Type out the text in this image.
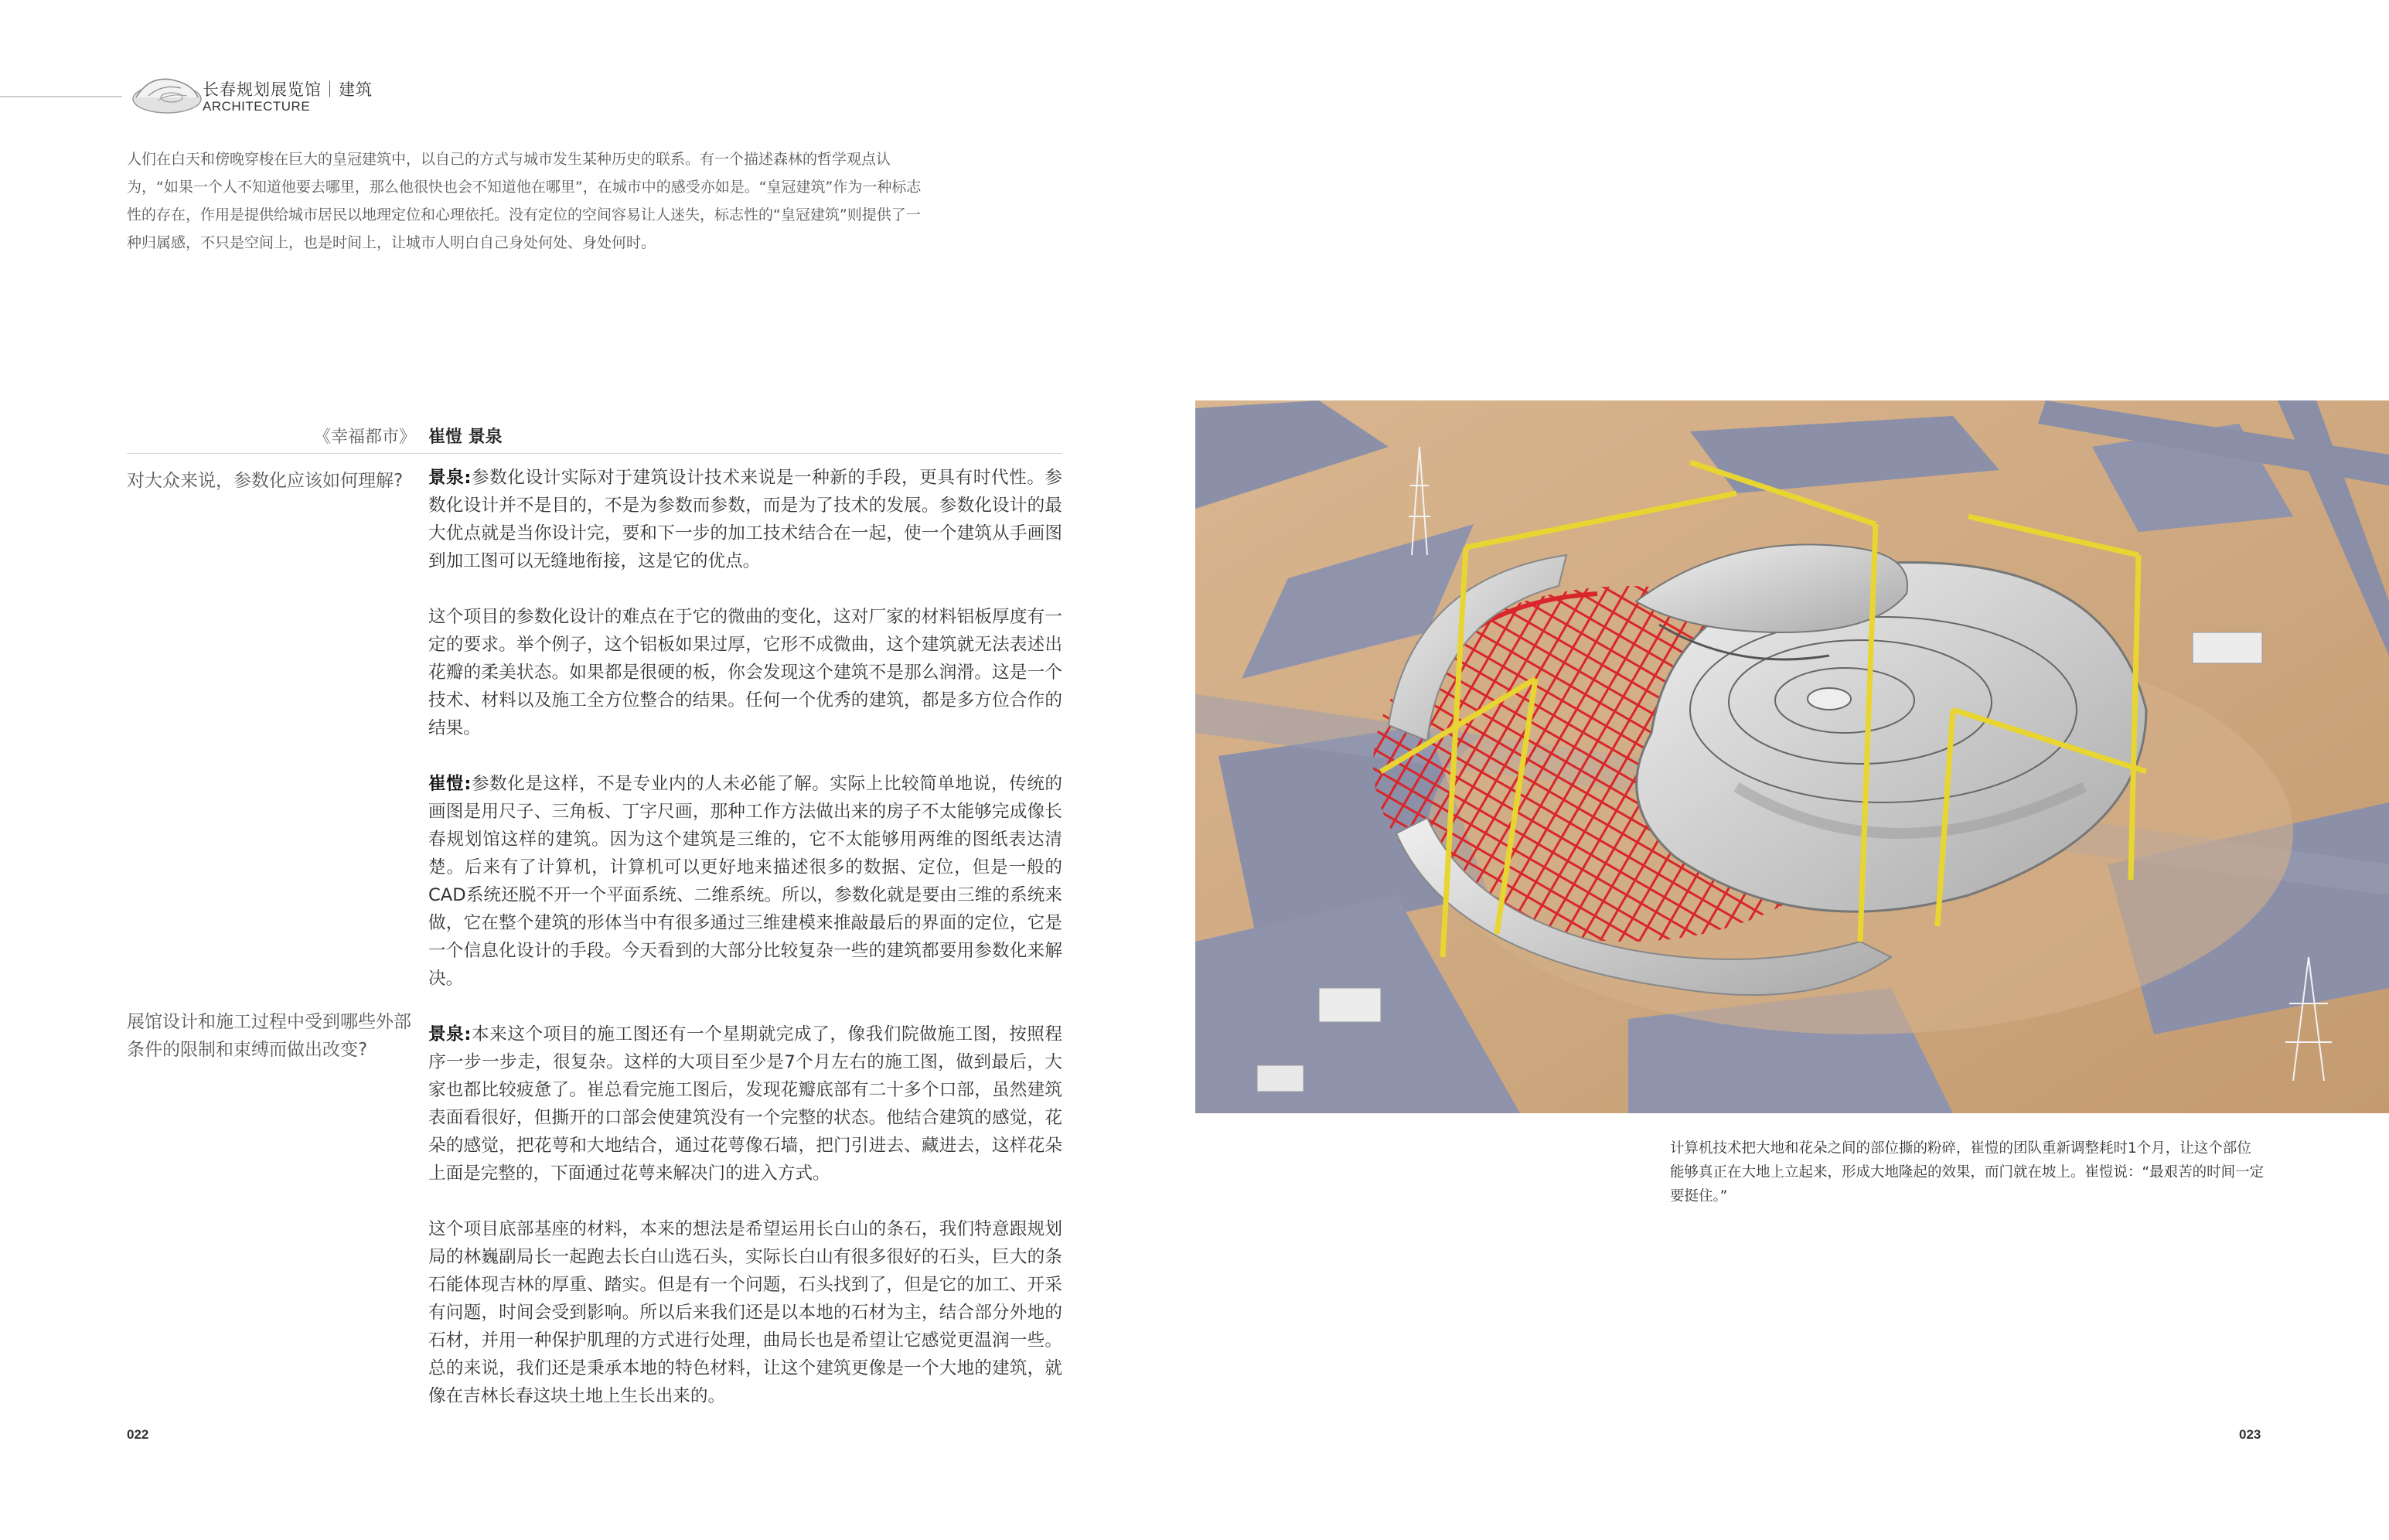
长春规划展览馆｜建筑
ARCHITECTURE

人们在白天和傍晚穿梭在巨大的皇冠建筑中，以自己的方式与城市发生某种历史的联系。有一个描述森林的哲学观点认为，“如果一个人不知道他要去哪里，那么他很快也会不知道他在哪里”，在城市中的感受亦如是。“皇冠建筑”作为一种标志性的存在，作用是提供给城市居民以地理定位和心理依托。没有定位的空间容易让人迷失，标志性的“皇冠建筑”则提供了一种归属感，不只是空间上，也是时间上，让城市人明白自己身处何处、身处何时。

《幸福都市》 崔愷 景泉

对大众来说，参数化应该如何理解?

展馆设计和施工过程中受到哪些外部条件的限制和束缚而做出改变?

景泉:参数化设计实际对于建筑设计技术来说是一种新的手段，更具有时代性。参数化设计并不是目的，不是为参数而参数，而是为了技术的发展。参数化设计的最大优点就是当你设计完，要和下一步的加工技术结合在一起，使一个建筑从手画图到加工图可以无缝地衔接，这是它的优点。

这个项目的参数化设计的难点在于它的微曲的变化，这对厂家的材料铝板厚度有一定的要求。举个例子，这个铝板如果过厚，它形不成微曲，这个建筑就无法表述出花瓣的柔美状态。如果都是很硬的板，你会发现这个建筑不是那么润滑。这是一个技术、材料以及施工全方位整合的结果。任何一个优秀的建筑，都是多方位合作的结果。

崔愷:参数化是这样，不是专业内的人未必能了解。实际上比较简单地说，传统的画图是用尺子、三角板、丁字尺画，那种工作方法做出来的房子不太能够完成像长春规划馆这样的建筑。因为这个建筑是三维的，它不太能够用两维的图纸表达清楚。后来有了计算机，计算机可以更好地来描述很多的数据、定位，但是一般的CAD系统还脱不开一个平面系统、二维系统。所以，参数化就是要由三维的系统来做，它在整个建筑的形体当中有很多通过三维建模来推敲最后的界面的定位，它是一个信息化设计的手段。今天看到的大部分比较复杂一些的建筑都要用参数化来解决。

景泉:本来这个项目的施工图还有一个星期就完成了，像我们院做施工图，按照程序一步一步走，很复杂。这样的大项目至少是7个月左右的施工图，做到最后，大家也都比较疲惫了。崔总看完施工图后，发现花瓣底部有二十多个口部，虽然建筑表面看很好，但撕开的口部会使建筑没有一个完整的状态。他结合建筑的感觉，花朵的感觉，把花萼和大地结合，通过花萼像石墙，把门引进去、藏进去，这样花朵上面是完整的，下面通过花萼来解决门的进入方式。

这个项目底部基座的材料，本来的想法是希望运用长白山的条石，我们特意跟规划局的林巍副局长一起跑去长白山选石头，实际长白山有很多很好的石头，巨大的条石能体现吉林的厚重、踏实。但是有一个问题，石头找到了，但是它的加工、开采有问题，时间会受到影响。所以后来我们还是以本地的石材为主，结合部分外地的石材，并用一种保护肌理的方式进行处理，曲局长也是希望让它感觉更温润一些。总的来说，我们还是秉承本地的特色材料，让这个建筑更像是一个大地的建筑，就像在吉林长春这块土地上生长出来的。

022	023

计算机技术把大地和花朵之间的部位撕的粉碎，崔愷的团队重新调整耗时1个月，让这个部位能够真正在大地上立起来，形成大地隆起的效果，而门就在坡上。崔愷说：“最艰苦的时间一定要挺住。”
